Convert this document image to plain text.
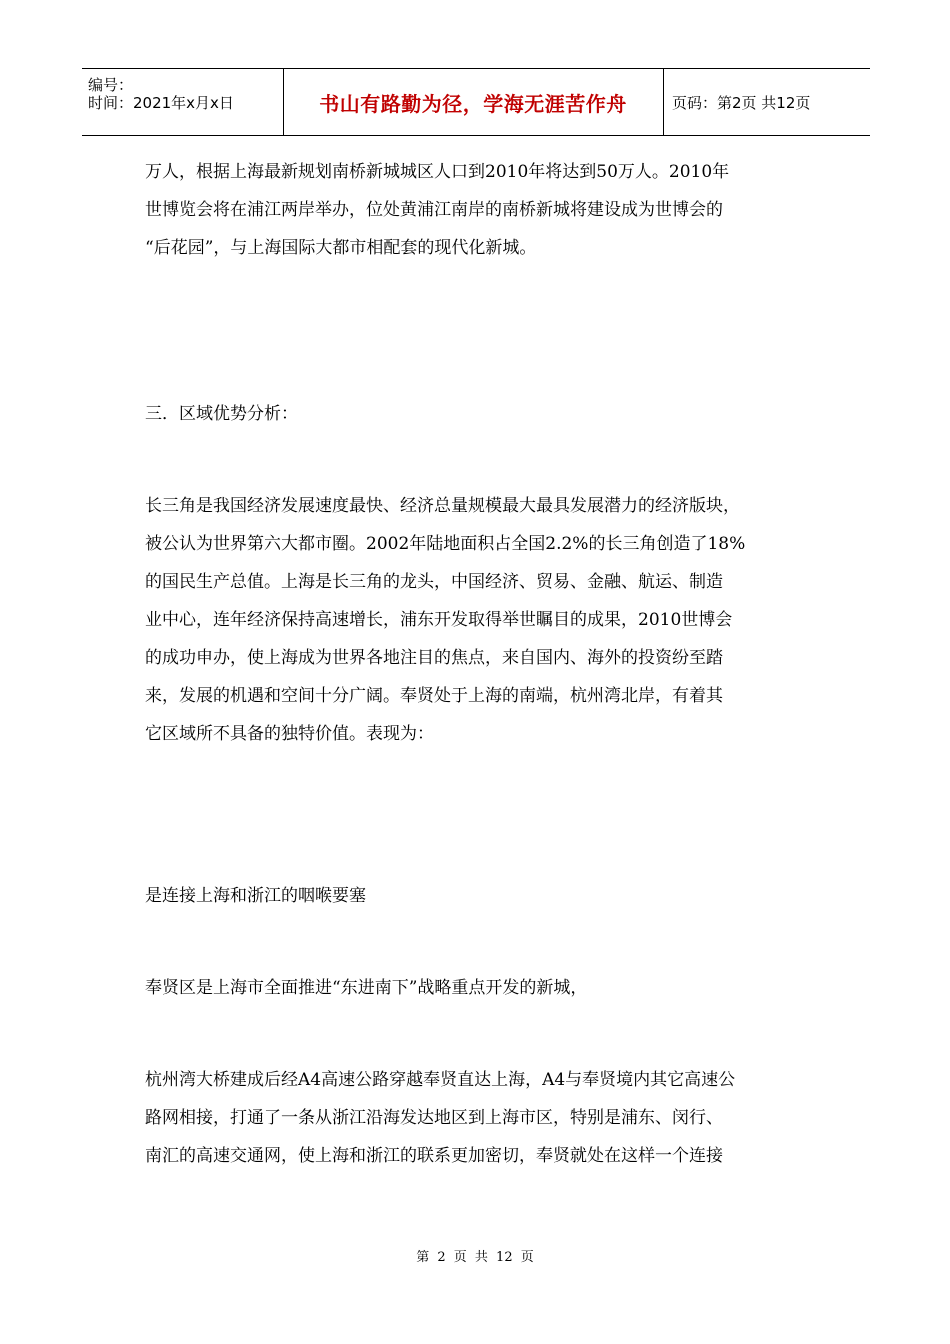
编号：
时间：2021年x月x日	书山有路勤为径，学海无涯苦作舟	页码：第2页 共12页
万人，根据上海最新规划南桥新城城区人口到2010年将达到50万人。2010年
世博览会将在浦江两岸举办，位处黄浦江南岸的南桥新城将建设成为世博会的
“后花园”，与上海国际大都市相配套的现代化新城。
三．区域优势分析：
长三角是我国经济发展速度最快、经济总量规模最大最具发展潜力的经济版块，
被公认为世界第六大都市圈。2002年陆地面积占全国2.2%的长三角创造了18%
的国民生产总值。上海是长三角的龙头，中国经济、贸易、金融、航运、制造
业中心，连年经济保持高速增长，浦东开发取得举世瞩目的成果，2010世博会
的成功申办，使上海成为世界各地注目的焦点，来自国内、海外的投资纷至踏
来，发展的机遇和空间十分广阔。奉贤处于上海的南端，杭州湾北岸，有着其
它区域所不具备的独特价值。表现为：
是连接上海和浙江的咽喉要塞
奉贤区是上海市全面推进“东进南下”战略重点开发的新城，
杭州湾大桥建成后经A4高速公路穿越奉贤直达上海，A4与奉贤境内其它高速公
路网相接，打通了一条从浙江沿海发达地区到上海市区，特别是浦东、闵行、
南汇的高速交通网，使上海和浙江的联系更加密切，奉贤就处在这样一个连接
第 2 页 共 12 页
